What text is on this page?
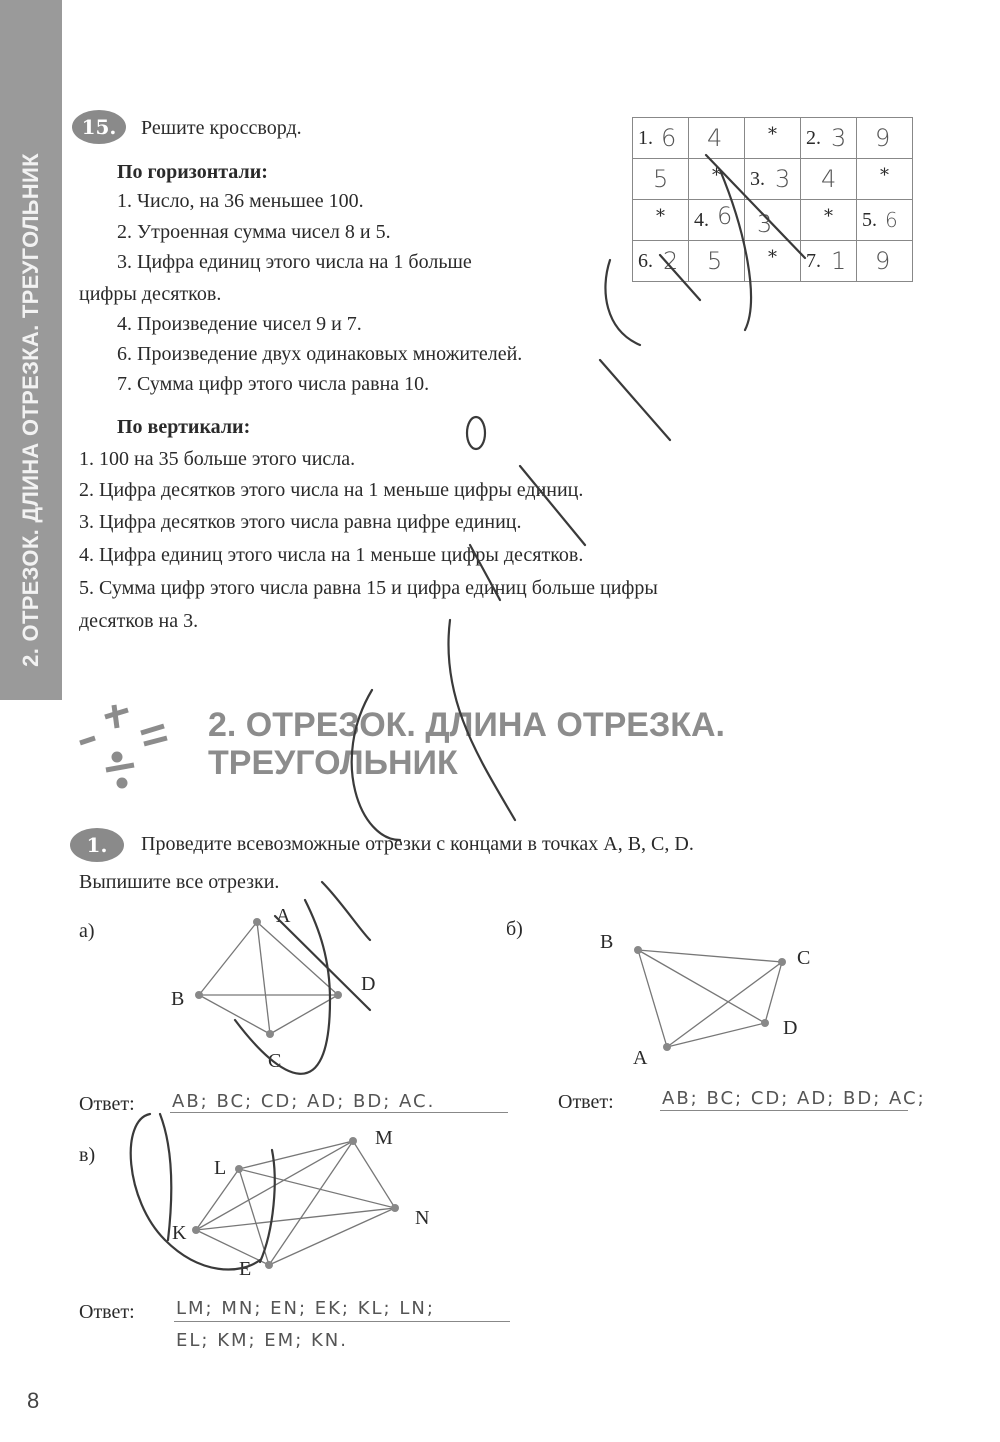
2. ОТРЕЗОК. ДЛИНА ОТРЕЗКА. ТРЕУГОЛЬНИК
15.	Решите кроссворд.
По горизонтали:
1. Число, на 36 меньшее 100.
2. Утроенная сумма чисел 8 и 5.
3. Цифра единиц этого числа на 1 больше
цифры десятков.
4. Произведение чисел 9 и 7.
6. Произведение двух одинаковых множителей.
7. Сумма цифр этого числа равна 10.
По вертикали:
1. 100 на 35 больше этого числа.
2. Цифра десятков этого числа на 1 меньше цифры единиц.
3. Цифра десятков этого числа равна цифре единиц.
4. Цифра единиц этого числа на 1 меньше цифры десятков.
5. Сумма цифр этого числа равна 15 и цифра единиц больше цифры
десятков на 3.
1. 6	4	*	2. 3	9

5	*	3. 3	4	*

*	4. 6	3	*	5. 6

6. 2	5	*	7. 1	9
2. ОТРЕЗОК. ДЛИНА ОТРЕЗКА.
ТРЕУГОЛЬНИК
1.	Проведите всевозможные отрезки с концами в точках A, B, C, D.
Выпишите все отрезки.
а)
A
B
C
D
Ответ: AB; BC; CD; AD; BD; AC.
б)
B
C
D
A
Ответ:	AB; BC; CD; AD; BD; AC;
в)
L
M
N
K
E
Ответ: LM; MN; EN; EK; KL; LN;
EL; KM; EM; KN.
8
